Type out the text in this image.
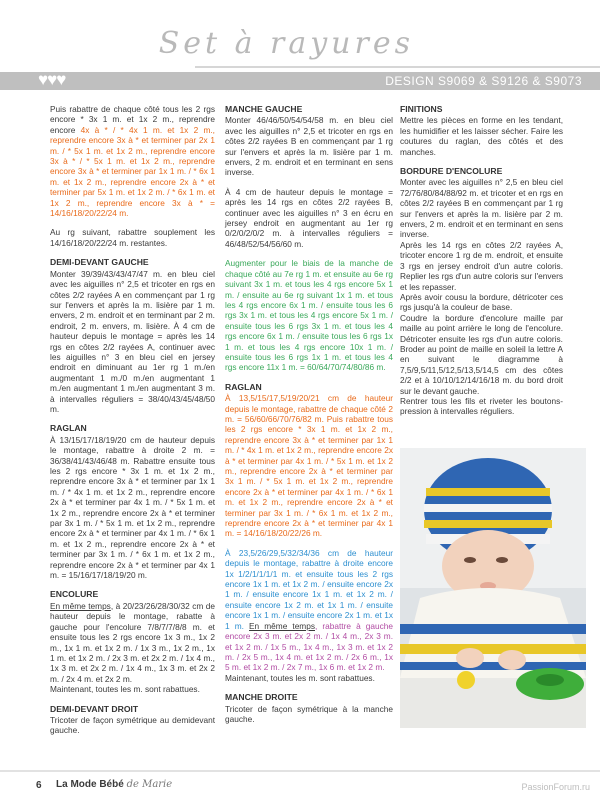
Set à rayures
♥♥♥	DESIGN S9069 & S9126 & S9073

Puis rabattre de chaque côté tous les 2 rgs encore * 3x 1 m. et 1x 2 m., reprendre encore 4x à * / * 4x 1 m. et 1x 2 m., reprendre encore 3x à * et terminer par 2x 1 m. / * 5x 1 m. et 1x 2 m., reprendre encore 3x à * / * 5x 1 m. et 1x 2 m., reprendre encore 3x à * et terminer par 1x 1 m. / * 6x 1 m. et 1x 2 m., reprendre encore 2x à * et terminer par 5x 1 m. et 1x 2 m. / * 6x 1 m. et 1x 2 m., reprendre encore 3x à * = 14/16/18/20/22/24 m.

Au rg suivant, rabattre souplement les 14/16/18/20/22/24 m. restantes.

DEMI-DEVANT GAUCHE

Monter 39/39/43/43/47/47 m. en bleu ciel avec les aiguilles n° 2,5 et tricoter en rgs en côtes 2/2 rayées A en commençant par 1 rg sur l'envers et après la m. lisière par 1 m. envers, 2 m. endroit et en terminant par 2 m. endroit, 2 m. envers, m. lisière. À 4 cm de hauteur depuis le montage = après les 14 rgs en côtes 2/2 rayées A, continuer avec les aiguilles n° 3 en bleu ciel en jersey endroit en diminuant au 1er rg 1 m./en augmentant 1 m./0 m./en augmentant 1 m./en augmentant 1 m./en augmentant 3 m. à intervalles réguliers = 38/40/43/45/48/50 m.

RAGLAN

À 13/15/17/18/19/20 cm de hauteur depuis le montage, rabattre à droite 2 m. = 36/38/41/43/46/48 m. Rabattre ensuite tous les 2 rgs encore * 3x 1 m. et 1x 2 m., reprendre encore 3x à * et terminer par 1x 1 m. / * 4x 1 m. et 1x 2 m., reprendre encore 2x à * et terminer par 4x 1 m. / * 5x 1 m. et 1x 2 m., reprendre encore 2x à * et terminer par 3x 1 m. / * 5x 1 m. et 1x 2 m., reprendre encore 2x à * et terminer par 4x 1 m. / * 6x 1 m. et 1x 2 m., reprendre encore 2x à * et terminer par 3x 1 m. / * 6x 1 m. et 1x 2 m., reprendre encore 2x à * et terminer par 4x 1 m. = 15/16/17/18/19/20 m.

ENCOLURE

En même temps, à 20/23/26/28/30/32 cm de hauteur depuis le montage, rabatte à gauche pour l'encolure 7/8/7/7/8/8 m. et ensuite tous les 2 rgs encore 1x 3 m., 1x 2 m., 1x 1 m. et 1x 2 m. / 1x 3 m., 1x 2 m., 1x 1 m. et 1x 2 m. / 2x 3 m. et 2x 2 m. / 1x 4 m., 1x 3 m. et 2x 2 m. / 1x 4 m., 1x 3 m. et 2x 2 m. / 2x 4 m. et 2x 2 m.

Maintenant, toutes les m. sont rabattues.

DEMI-DEVANT DROIT

Tricoter de façon symétrique au demidevant gauche.

MANCHE GAUCHE

Monter 46/46/50/54/54/58 m. en bleu ciel avec les aiguilles n° 2,5 et tricoter en rgs en côtes 2/2 rayées B en commençant par 1 rg sur l'envers et après la m. lisière par 1 m. envers, 2 m. endroit et en terminant en sens inverse.

À 4 cm de hauteur depuis le montage = après les 14 rgs en côtes 2/2 rayées B, continuer avec les aiguilles n° 3 en écru en jersey endroit en augmentant au 1er rg 0/2/0/2/0/2 m. à intervalles réguliers = 46/48/52/54/56/60 m.

Augmenter pour le biais de la manche de chaque côté au 7e rg 1 m. et ensuite au 6e rg suivant 3x 1 m. et tous les 4 rgs encore 5x 1 m. / ensuite au 6e rg suivant 1x 1 m. et tous les 4 rgs encore 6x 1 m. / ensuite tous les 6 rgs 3x 1 m. et tous les 4 rgs encore 5x 1 m. / ensuite tous les 6 rgs 3x 1 m. et tous les 4 rgs encore 6x 1 m. / ensuite tous les 6 rgs 1x 1 m. et tous les 4 rgs encore 10x 1 m. / ensuite tous les 6 rgs 1x 1 m. et tous les 4 rgs encore 11x 1 m. = 60/64/70/74/80/86 m.

RAGLAN

À 13,5/15/17,5/19/20/21 cm de hauteur depuis le montage, rabattre de chaque côté 2 m. = 56/60/66/70/76/82 m. Puis rabattre tous les 2 rgs encore * 3x 1 m. et 1x 2 m., reprendre encore 3x à * et terminer par 1x 1 m. / * 4x 1 m. et 1x 2 m., reprendre encore 2x à * et terminer par 4x 1 m. / * 5x 1 m. et 1x 2 m., reprendre encore 2x à * et terminer par 3x 1 m. / * 5x 1 m. et 1x 2 m., reprendre encore 2x à * et terminer par 4x 1 m. / * 6x 1 m. et 1x 2 m., reprendre encore 2x à * et terminer par 3x 1 m. / * 6x 1 m. et 1x 2 m., reprendre encore 2x à * et terminer par 4x 1 m. = 14/16/18/20/22/26 m.

À 23,5/26/29,5/32/34/36 cm de hauteur depuis le montage, rabattre à droite encore 1x 1/2/1/1/1/1 m. et ensuite tous les 2 rgs encore 1x 1 m. et 1x 2 m. / ensuite encore 2x 1 m. / ensuite encore 1x 1 m. et 1x 2 m. / ensuite encore 1x 2 m. et 1x 1 m. / ensuite encore 1x 1 m. / ensuite encore 2x 1 m. et 1x 1 m. En même temps, rabattre à gauche encore 2x 3 m. et 2x 2 m. / 1x 4 m., 2x 3 m. et 1x 2 m. / 1x 5 m., 1x 4 m., 1x 3 m. et 1x 2 m. / 2x 5 m., 1x 4 m. et 1x 2 m. / 2x 6 m., 1x 5 m. et 1x 2 m. / 2x 7 m., 1x 6 m. et 1x 2 m.

Maintenant, toutes les m. sont rabattues.

MANCHE DROITE

Tricoter de façon symétrique à la manche gauche.

FINITIONS

Mettre les pièces en forme en les tendant, les humidifier et les laisser sécher. Faire les coutures du raglan, des côtés et des manches.

BORDURE D'ENCOLURE

Monter avec les aiguilles n° 2,5 en bleu ciel 72/76/80/84/88/92 m. et tricoter et en rgs en côtes 2/2 rayées B en commençant par 1 rg sur l'envers et après la m. lisière par 2 m. envers, 2 m. endroit et en terminant en sens inverse.

Après les 14 rgs en côtes 2/2 rayées A, tricoter encore 1 rg de m. endroit, et ensuite 3 rgs en jersey endroit d'un autre coloris. Replier les rgs d'un autre coloris sur l'envers et les repasser.

Après avoir cousu la bordure, détricoter ces rgs jusqu'à la couleur de base.

Coudre la bordure d'encolure maille par maille au point arrière le long de l'encolure. Détricoter ensuite les rgs d'un autre coloris. Broder au point de maille en soleil la lettre A en suivant le diagramme à 7,5/9,5/11,5/12,5/13,5/14,5 cm des côtes 2/2 et à 10/10/12/14/16/18 m. du bord droit sur le devant gauche.

Rentrer tous les fils et riveter les boutons-pression à intervalles réguliers.

6 La Mode Bébé de Marie	PassionForum.ru
